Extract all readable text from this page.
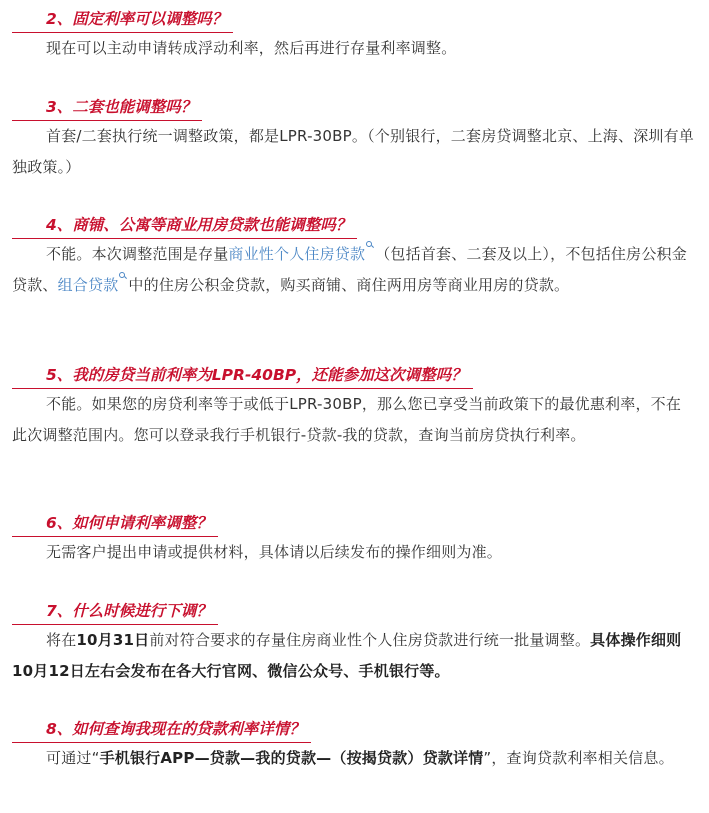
2、固定利率可以调整吗？

现在可以主动申请转成浮动利率，然后再进行存量利率调整。

3、二套也能调整吗？

首套/二套执行统一调整政策，都是LPR-30BP。（个别银行，二套房贷调整北京、上海、深圳有单独政策。）

4、商铺、公寓等商业用房贷款也能调整吗？

不能。本次调整范围是存量商业性个人住房贷款 （包括首套、二套及以上），不包括住房公积金贷款、组合贷款 中的住房公积金贷款，购买商铺、商住两用房等商业用房的贷款。

5、我的房贷当前利率为LPR-40BP，还能参加这次调整吗？

不能。如果您的房贷利率等于或低于LPR-30BP，那么您已享受当前政策下的最优惠利率，不在此次调整范围内。您可以登录我行手机银行-贷款-我的贷款，查询当前房贷执行利率。

6、如何申请利率调整？

无需客户提出申请或提供材料，具体请以后续发布的操作细则为准。

7、什么时候进行下调？

将在10月31日前对符合要求的存量住房商业性个人住房贷款进行统一批量调整。具体操作细则10月12日左右会发布在各大行官网、微信公众号、手机银行等。

8、如何查询我现在的贷款利率详情？

可通过“手机银行APP—贷款—我的贷款—（按揭贷款）贷款详情”，查询贷款利率相关信息。
